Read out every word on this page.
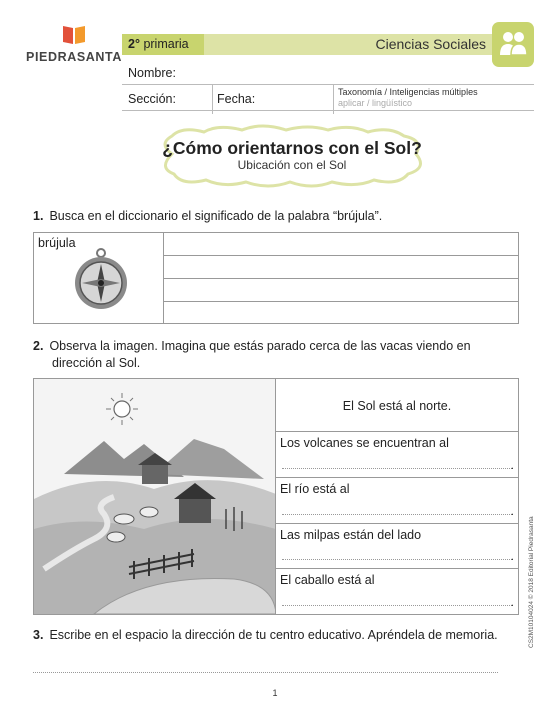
PIEDRASANTA
2° primaria	Ciencias Sociales
Nombre:
Sección:	Fecha:	Taxonomía / Inteligencias múltiples
aplicar / lingüístico
¿Cómo orientarnos con el Sol?
Ubicación con el Sol
1. Busca en el diccionario el significado de la palabra “brújula”.
brújula
2. Observa la imagen. Imagina que estás parado cerca de las vacas viendo en
dirección al Sol.
El Sol está al norte.
Los volcanes se encuentran al
.
El río está al
.
Las milpas están del lado
.
El caballo está al
.
3. Escribe en el espacio la dirección de tu centro educativo. Apréndela de memoria.	CS2M10104024 © 2018 Editorial Piedrasanta
1
